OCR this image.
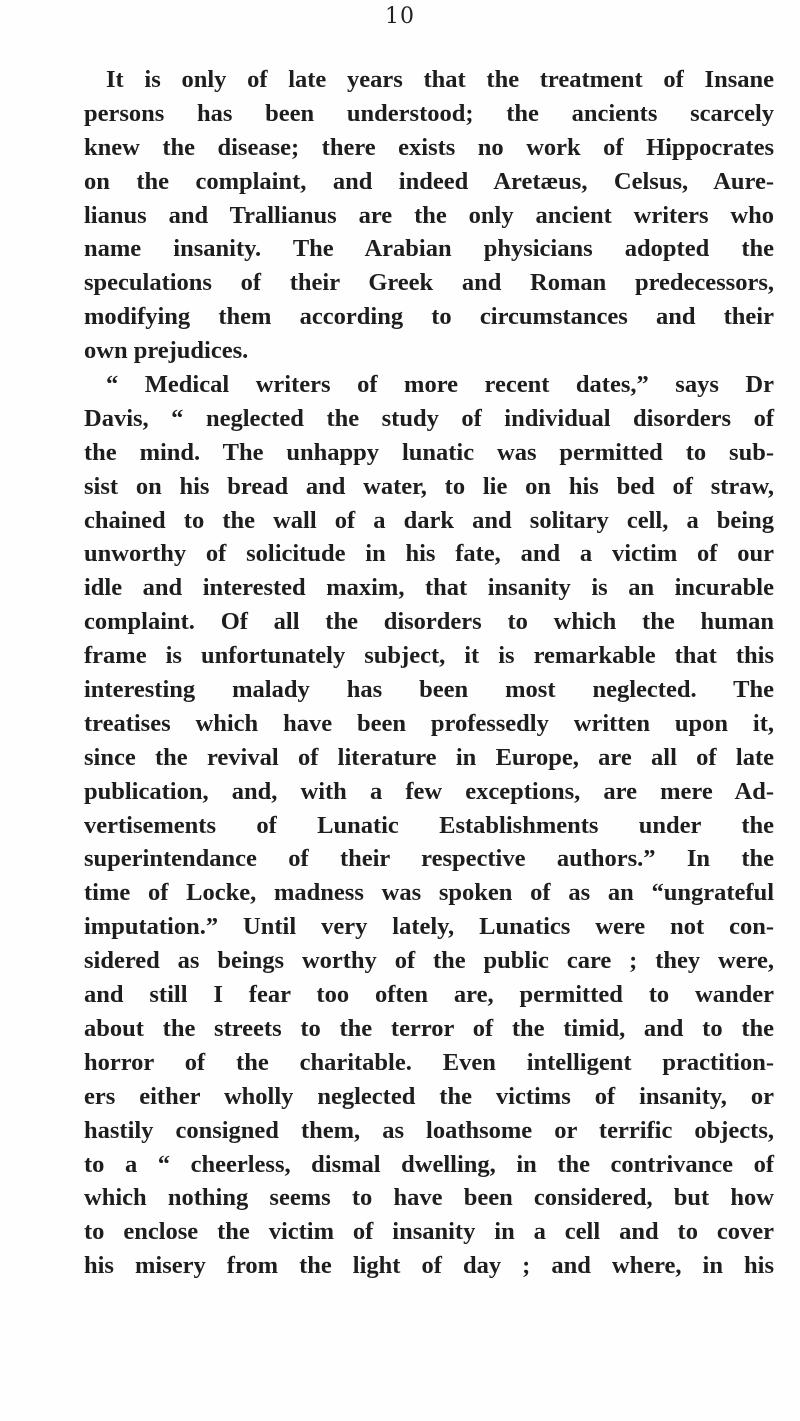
10
It is only of late years that the treatment of Insane
persons has been understood; the ancients scarcely
knew the disease; there exists no work of Hippocrates
on the complaint, and indeed Aretæus, Celsus, Aure-
lianus and Trallianus are the only ancient writers who
name insanity. The Arabian physicians adopted the
speculations of their Greek and Roman predecessors,
modifying them according to circumstances and their
own prejudices.
“ Medical writers of more recent dates,” says Dr
Davis, “ neglected the study of individual disorders of
the mind. The unhappy lunatic was permitted to sub-
sist on his bread and water, to lie on his bed of straw,
chained to the wall of a dark and solitary cell, a being
unworthy of solicitude in his fate, and a victim of our
idle and interested maxim, that insanity is an incurable
complaint. Of all the disorders to which the human
frame is unfortunately subject, it is remarkable that this
interesting malady has been most neglected. The
treatises which have been professedly written upon it,
since the revival of literature in Europe, are all of late
publication, and, with a few exceptions, are mere Ad-
vertisements of Lunatic Establishments under the
superintendance of their respective authors.” In the
time of Locke, madness was spoken of as an “ungrateful
imputation.” Until very lately, Lunatics were not con-
sidered as beings worthy of the public care ; they were,
and still I fear too often are, permitted to wander
about the streets to the terror of the timid, and to the
horror of the charitable. Even intelligent practition-
ers either wholly neglected the victims of insanity, or
hastily consigned them, as loathsome or terrific objects,
to a “ cheerless, dismal dwelling, in the contrivance of
which nothing seems to have been considered, but how
to enclose the victim of insanity in a cell and to cover
his misery from the light of day ; and where, in his
